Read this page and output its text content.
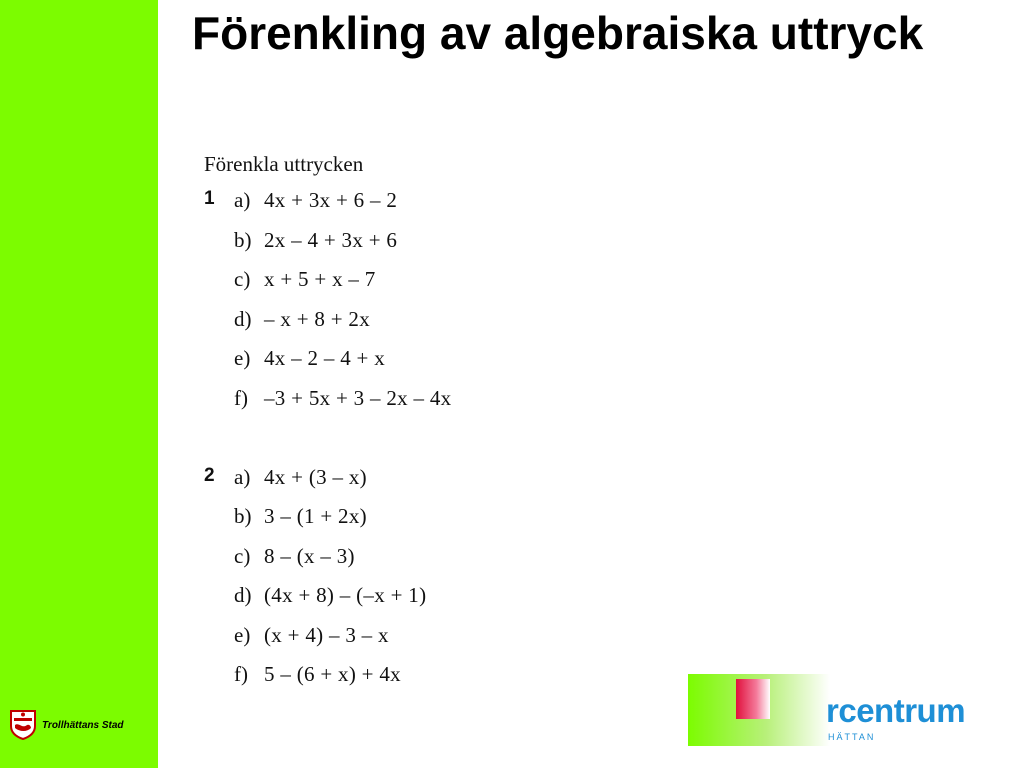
Trollhättans Stad
Förenkling av algebraiska uttryck
Förenkla uttrycken
1 a) 4x + 3x + 6 – 2
b) 2x – 4 + 3x + 6
c) x + 5 + x – 7
d) – x + 8 + 2x
e) 4x – 2 – 4 + x
f) –3 + 5x + 3 – 2x – 4x
2 a) 4x + (3 – x)
b) 3 – (1 + 2x)
c) 8 – (x – 3)
d) (4x + 8) – (–x + 1)
e) (x + 4) – 3 – x
f) 5 – (6 + x) + 4x
rcentrum
HÄTTAN
